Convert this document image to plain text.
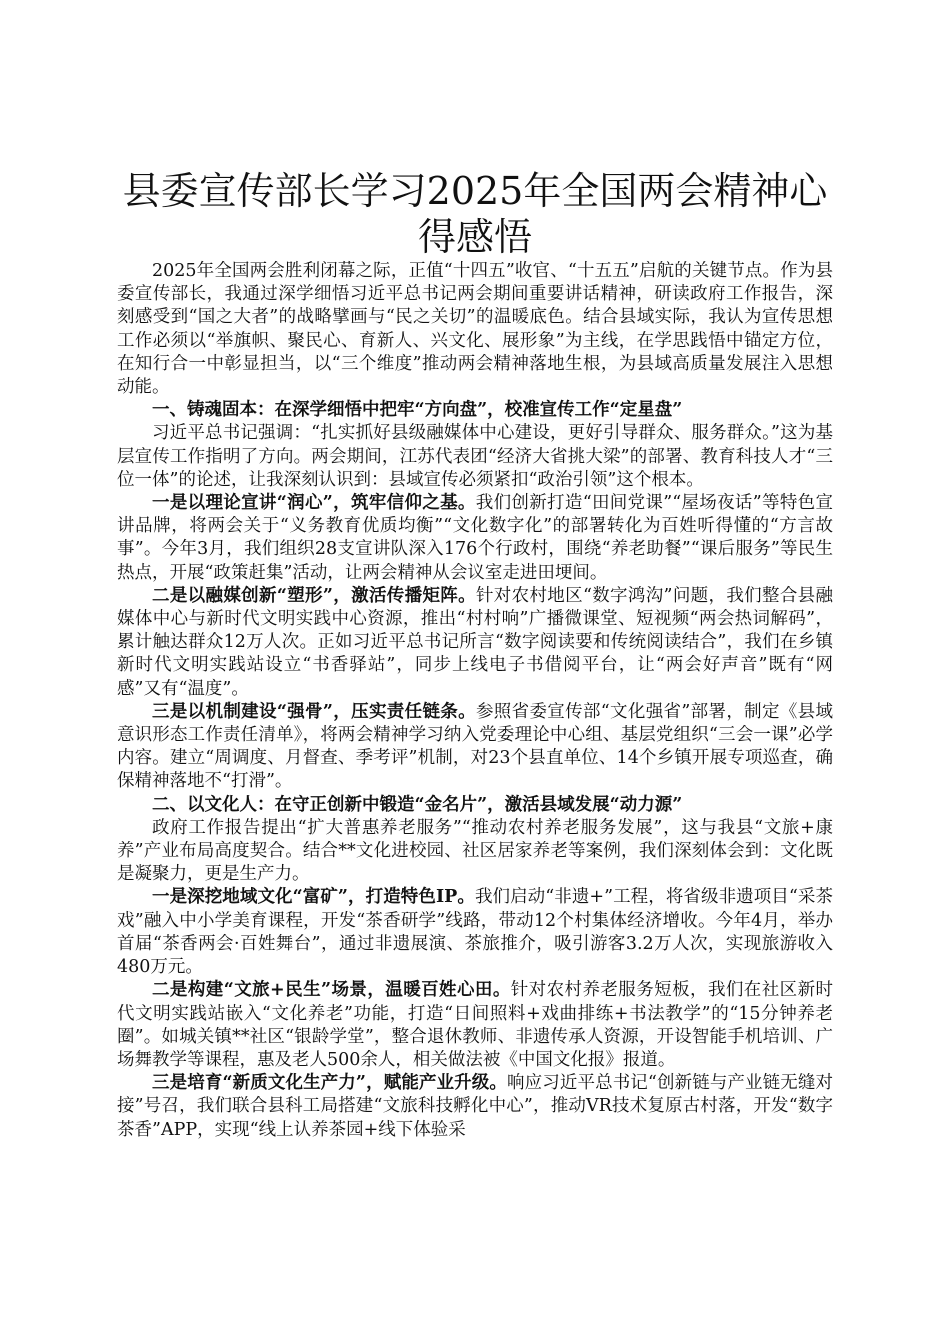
县委宣传部长学习2025年全国两会精神心得感悟

2025年全国两会胜利闭幕之际，正值“十四五”收官、“十五五”启航的关键节点。作为县委宣传部长，我通过深学细悟习近平总书记两会期间重要讲话精神，研读政府工作报告，深刻感受到“国之大者”的战略擘画与“民之关切”的温暖底色。结合县域实际，我认为宣传思想工作必须以“举旗帜、聚民心、育新人、兴文化、展形象”为主线，在学思践悟中锚定方位，在知行合一中彰显担当，以“三个维度”推动两会精神落地生根，为县域高质量发展注入思想动能。

一、铸魂固本：在深学细悟中把牢“方向盘”，校准宣传工作“定星盘”

习近平总书记强调：“扎实抓好县级融媒体中心建设，更好引导群众、服务群众。”这为基层宣传工作指明了方向。两会期间，江苏代表团“经济大省挑大梁”的部署、教育科技人才“三位一体”的论述，让我深刻认识到：县域宣传必须紧扣“政治引领”这个根本。

一是以理论宣讲“润心”，筑牢信仰之基。我们创新打造“田间党课”“屋场夜话”等特色宣讲品牌，将两会关于“义务教育优质均衡”“文化数字化”的部署转化为百姓听得懂的“方言故事”。今年3月，我们组织28支宣讲队深入176个行政村，围绕“养老助餐”“课后服务”等民生热点，开展“政策赶集”活动，让两会精神从会议室走进田埂间。

二是以融媒创新“塑形”，激活传播矩阵。针对农村地区“数字鸿沟”问题，我们整合县融媒体中心与新时代文明实践中心资源，推出“村村响”广播微课堂、短视频“两会热词解码”，累计触达群众12万人次。正如习近平总书记所言“数字阅读要和传统阅读结合”，我们在乡镇新时代文明实践站设立“书香驿站”，同步上线电子书借阅平台，让“两会好声音”既有“网感”又有“温度”。

三是以机制建设“强骨”，压实责任链条。参照省委宣传部“文化强省”部署，制定《县域意识形态工作责任清单》，将两会精神学习纳入党委理论中心组、基层党组织“三会一课”必学内容。建立“周调度、月督查、季考评”机制，对23个县直单位、14个乡镇开展专项巡查，确保精神落地不“打滑”。

二、以文化人：在守正创新中锻造“金名片”，激活县域发展“动力源”

政府工作报告提出“扩大普惠养老服务”“推动农村养老服务发展”，这与我县“文旅+康养”产业布局高度契合。结合**文化进校园、社区居家养老等案例，我们深刻体会到：文化既是凝聚力，更是生产力。

一是深挖地域文化“富矿”，打造特色IP。我们启动“非遗+”工程，将省级非遗项目“采茶戏”融入中小学美育课程，开发“茶香研学”线路，带动12个村集体经济增收。今年4月，举办首届“茶香两会·百姓舞台”，通过非遗展演、茶旅推介，吸引游客3.2万人次，实现旅游收入480万元。

二是构建“文旅+民生”场景，温暖百姓心田。针对农村养老服务短板，我们在社区新时代文明实践站嵌入“文化养老”功能，打造“日间照料+戏曲排练+书法教学”的“15分钟养老圈”。如城关镇**社区“银龄学堂”，整合退休教师、非遗传承人资源，开设智能手机培训、广场舞教学等课程，惠及老人500余人，相关做法被《中国文化报》报道。

三是培育“新质文化生产力”，赋能产业升级。响应习近平总书记“创新链与产业链无缝对接”号召，我们联合县科工局搭建“文旅科技孵化中心”，推动VR技术复原古村落，开发“数字茶香”APP，实现“线上认养茶园+线下体验采
